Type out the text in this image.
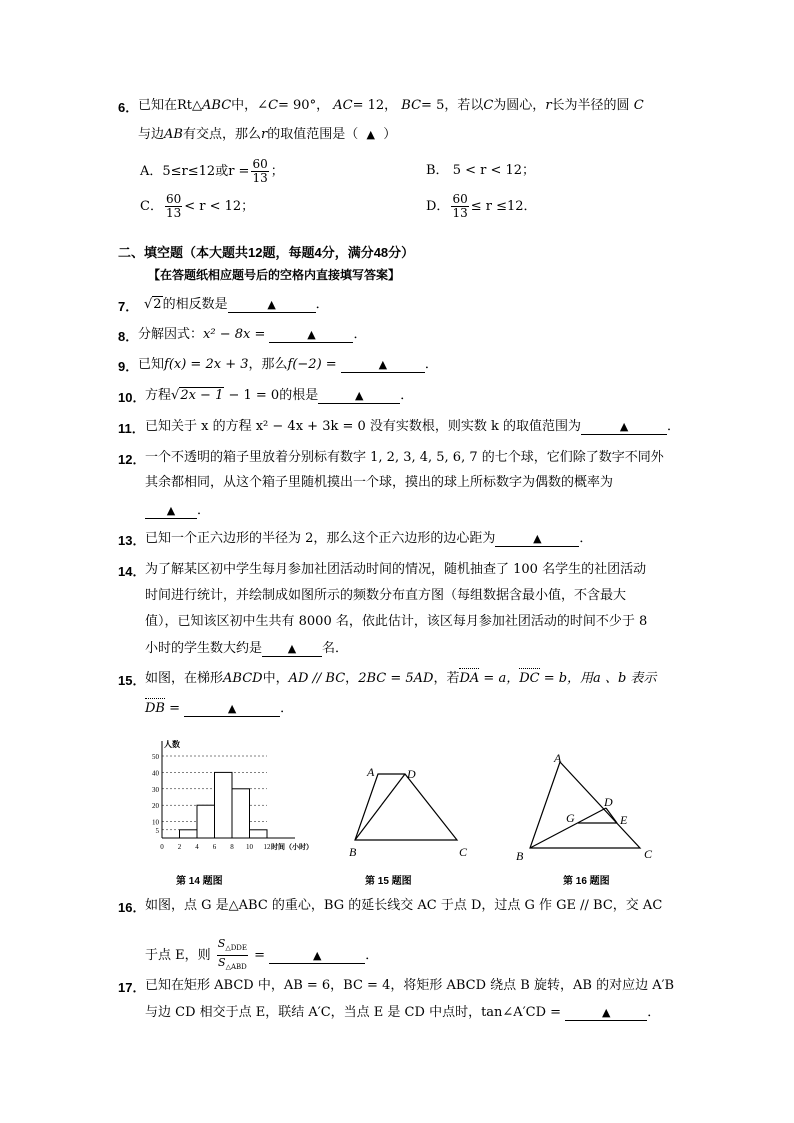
6． 已知在Rt△ABC中，∠C= 90°， AC= 12， BC= 5，若以C为圆心，r长为半径的圆 C
与边AB有交点，那么r的取值范围是（ ▲ ）
A．5≤r≤12或$r = \frac{60}{13}$ ；	B． 5 < r < 12；
C． $\frac{60}{13} < r < 12$；	D． $\frac{60}{13} \le r \le 12$．
二、填空题（本大题共12题，每题4分，满分48分）
【在答题纸相应题号后的空格内直接填写答案】
7． √2的相反数是	▲	．
8． 分解因式：x² − 8x =	▲	．
9． 已知f(x) = 2x + 3，那么f(−2) =	▲	．
10． 方程√2x − 1 − 1 = 0的根是	▲	．
11． 已知关于 x 的方程 x² − 4x + 3k = 0 没有实数根，则实数 k 的取值范围为	▲	．
12． 一个不透明的箱子里放着分别标有数字 1, 2, 3, 4, 5, 6, 7 的七个球，它们除了数字不同外
其余都相同，从这个箱子里随机摸出一个球，摸出的球上所标数字为偶数的概率为
▲ ．
13． 已知一个正六边形的半径为 2，那么这个正六边形的边心距为	▲	．
14． 为了解某区初中学生每月参加社团活动时间的情况，随机抽查了 100 名学生的社团活动
时间进行统计，并绘制成如图所示的频数分布直方图（每组数据含最小值，不含最大
值），已知该区初中生共有 8000 名，依此估计，该区每月参加社团活动的时间不少于 8
小时的学生数大约是 ▲ 名．
15． 如图，在梯形ABCD中，AD // BC，2BC = 5AD，若DA = a，DC = b，用a 、b 表示
DB =	▲	．
人数
时间（小时）
5
10
20
30
40
50
0 2 4 6 8 10 12
第 14 题图
A	D
B	C
第 15 题图
A
D
G	E
B	C
第 16 题图
16． 如图，点 G 是△ABC 的重心，BG 的延长线交 AC 于点 D，过点 G 作 GE // BC，交 AC
于点 E，则 $\frac{S_{\triangle DDE}}{S_{\triangle ABD}}$ =	▲	．
17． 已知在矩形 ABCD 中，AB = 6，BC = 4，将矩形 ABCD 绕点 B 旋转，AB 的对应边 A′B
与边 CD 相交于点 E，联结 A′C，当点 E 是 CD 中点时，tan∠A′CD =	▲	．
